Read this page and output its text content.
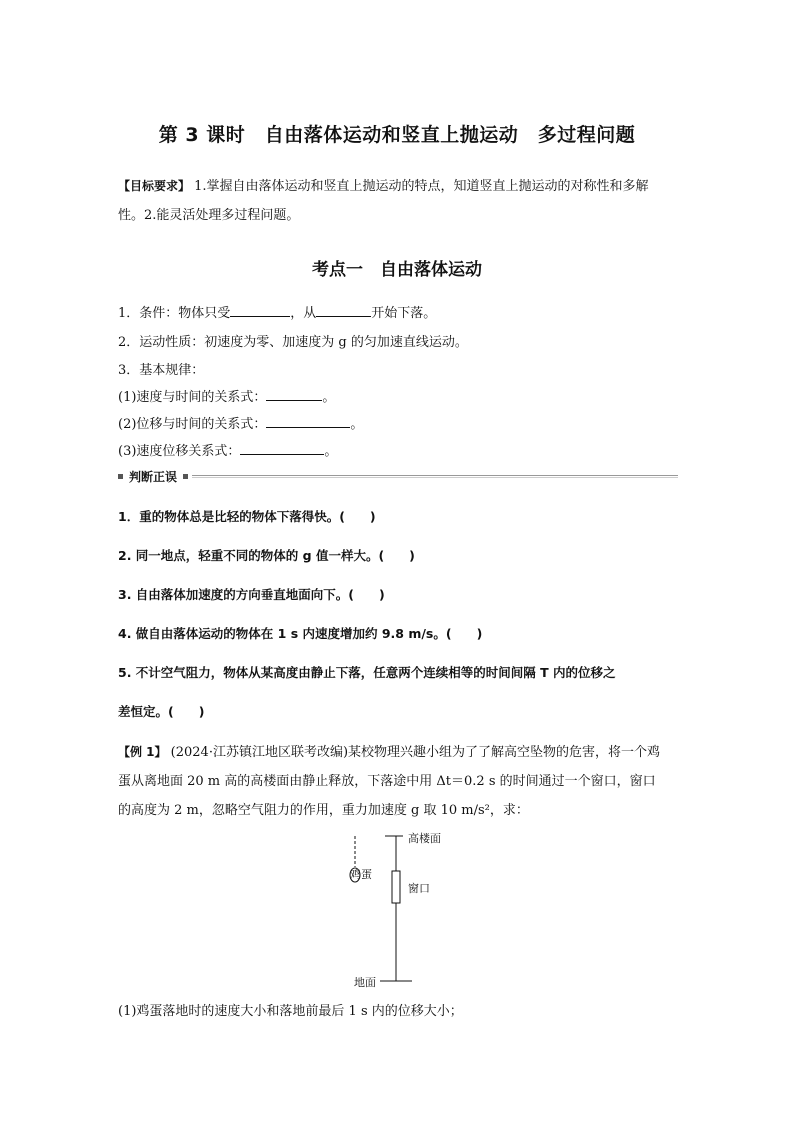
第 3 课时　自由落体运动和竖直上抛运动　多过程问题
【目标要求】 1.掌握自由落体运动和竖直上抛运动的特点，知道竖直上抛运动的对称性和多解
性。2.能灵活处理多过程问题。
考点一　自由落体运动
1．条件：物体只受	，从	开始下落。
2．运动性质：初速度为零、加速度为 g 的匀加速直线运动。
3．基本规律：
(1)速度与时间的关系式：	。
(2)位移与时间的关系式：	。
(3)速度位移关系式：	。
判断正误
1．重的物体总是比轻的物体下落得快。(　　)
2. 同一地点，轻重不同的物体的 g 值一样大。(　　)
3. 自由落体加速度的方向垂直地面向下。(　　)
4. 做自由落体运动的物体在 1 s 内速度增加约 9.8 m/s。(　　)
5. 不计空气阻力，物体从某高度由静止下落，任意两个连续相等的时间间隔 T 内的位移之
差恒定。(　　)
【例 1】 (2024·江苏镇江地区联考改编)某校物理兴趣小组为了了解高空坠物的危害，将一个鸡
蛋从离地面 20 m 高的高楼面由静止释放，下落途中用 Δt＝0.2 s 的时间通过一个窗口，窗口
的高度为 2 m，忽略空气阻力的作用，重力加速度 g 取 10 m/s²，求：
高楼面
鸡蛋
窗口
地面
(1)鸡蛋落地时的速度大小和落地前最后 1 s 内的位移大小；
